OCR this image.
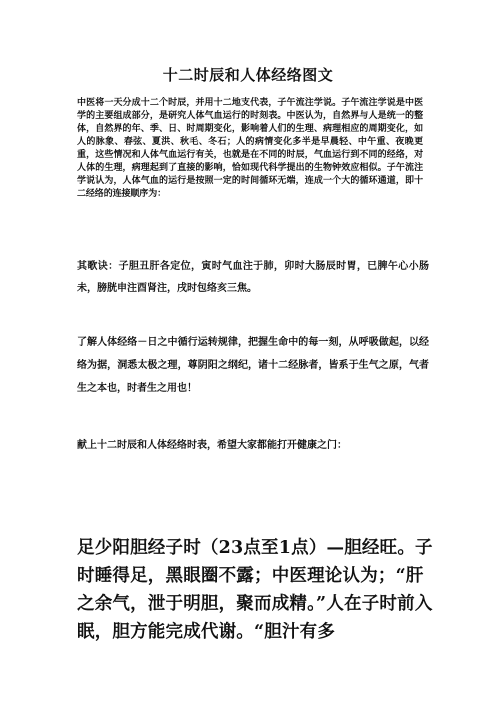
十二时辰和人体经络图文

中医将一天分成十二个时辰，并用十二地支代表，子午流注学说。子午流注学说是中医学的主要组成部分，是研究人体气血运行的时刻表。中医认为，自然界与人是统一的整体，自然界的年、季、日、时周期变化，影响着人们的生理、病理相应的周期变化，如人的脉象、春弦、夏洪、秋毛、冬石；人的病情变化多半是早晨轻、中午重、夜晚更重，这些情况和人体气血运行有关，也就是在不同的时辰，气血运行到不同的经络，对人体的生理，病理起到了直接的影响，恰如现代科学提出的生物钟效应相似。子午流注学说认为，人体气血的运行是按照一定的时间循环无端，连成一个大的循环通道，即十二经络的连接顺序为：

其歌诀：子胆丑肝各定位，寅时气血注于肺，卯时大肠辰时胃，已脾午心小肠未，膀胱申注酉肾注，戌时包络亥三焦。

了解人体经络－日之中循行运转规律，把握生命中的每一刻，从呼吸做起，以经络为据，洞悉太极之理，尊阴阳之纲纪，诸十二经脉者，皆系于生气之原，气者生之本也，时者生之用也！

献上十二时辰和人体经络时表，希望大家都能打开健康之门：

足少阳胆经子时（23点至1点）—胆经旺。子时睡得足，黑眼圈不露；中医理论认为；“肝之余气，泄于明胆，聚而成精。”人在子时前入眠，胆方能完成代谢。“胆汁有多
